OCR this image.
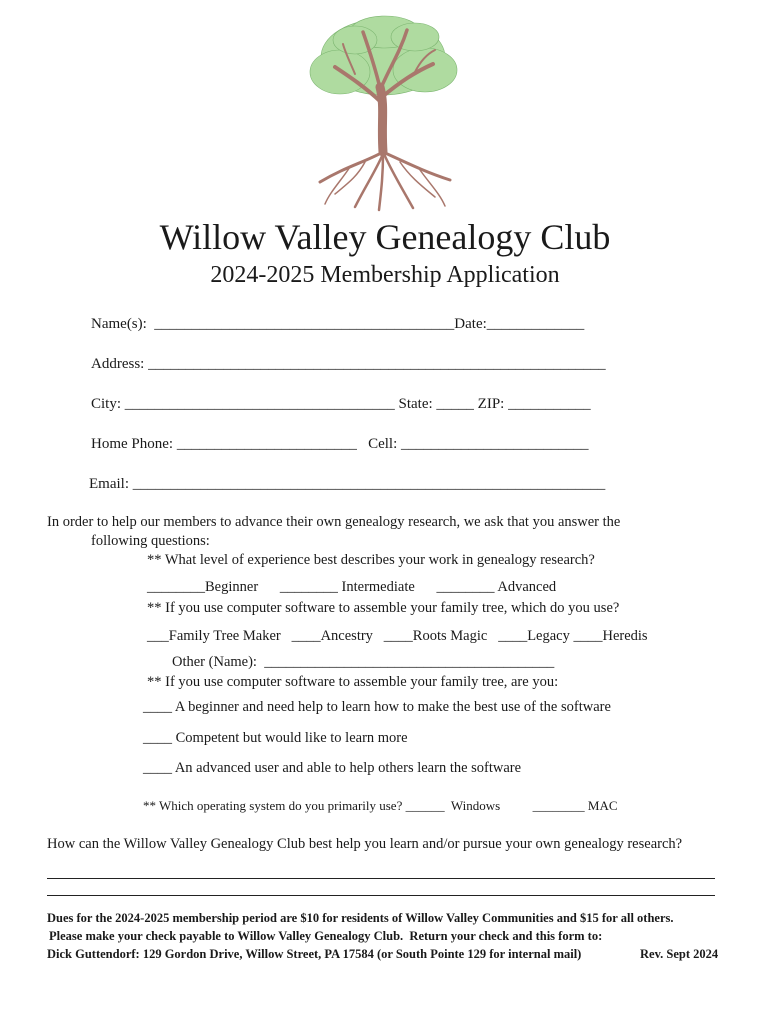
Willow Valley Genealogy Club
2024-2025 Membership Application
Name(s):  ________________________________________Date:_____________
Address: _____________________________________________________________
City: ____________________________________ State: _____ ZIP: ___________
Home Phone: ________________________   Cell: _________________________
Email: _______________________________________________________________
In order to help our members to advance their own genealogy research, we ask that you answer the
following questions:
** What level of experience best describes your work in genealogy research?
________Beginner      ________ Intermediate      ________ Advanced
** If you use computer software to assemble your family tree, which do you use?
___Family Tree Maker   ____Ancestry   ____Roots Magic   ____Legacy ____Heredis
Other (Name):  ________________________________________
** If you use computer software to assemble your family tree, are you:
____ A beginner and need help to learn how to make the best use of the software
____ Competent but would like to learn more
____ An advanced user and able to help others learn the software
** Which operating system do you primarily use? ______  Windows          ________ MAC
How can the Willow Valley Genealogy Club best help you learn and/or pursue your own genealogy research?
Dues for the 2024-2025 membership period are $10 for residents of Willow Valley Communities and $15 for all others.
Please make your check payable to Willow Valley Genealogy Club.  Return your check and this form to:
Dick Guttendorf: 129 Gordon Drive, Willow Street, PA 17584 (or South Pointe 129 for internal mail)	Rev. Sept 2024
